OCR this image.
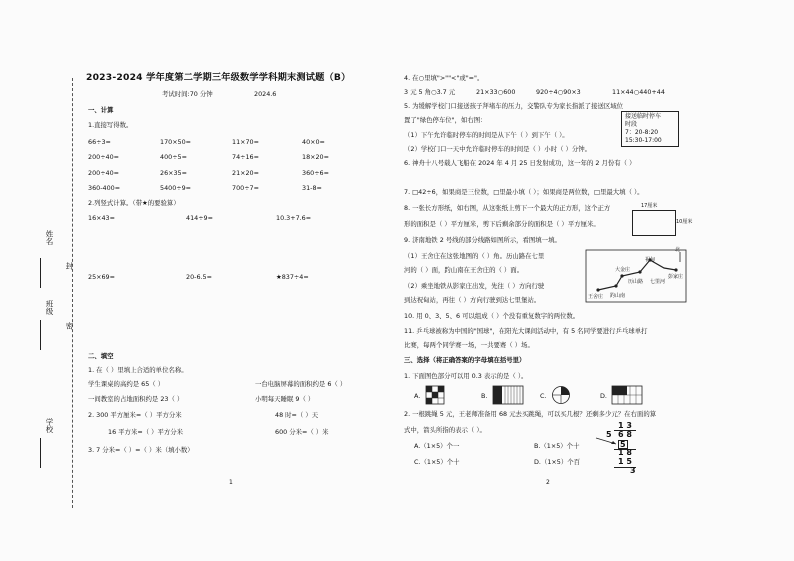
姓名
封
班级
密
学校
2023-2024 学年度第二学期三年级数学学科期末测试题（B）
考试时间:70 分钟	2024.6
一、计算
1.直接写得数。
66÷3=	170×50=	11×70=	40×0=
200÷40=	400÷5=	74÷16=	18×20=
200÷40=	26×35=	21×20=	360÷6=
360-400=	5400÷9=	700÷7=	31-8=
2.列竖式计算。（带★的要验算）
16×43=	414÷9=	10.3+7.6=
25×69=	20-6.5=	★837÷4=
二、填空
1. 在（ ）里填上合适的单位名称。
学生课桌的高约是 65（ ）	一台电脑屏幕的面积约是 6（ ）
一间教室的占地面积约是 23（ ）	小明每天睡眠 9（ ）
2. 300 平方厘米=（ ）平方分米	48 时=（ ）天
16 平方米=（ ）平方分米	600 分米=（ ）米
3. 7 分米=（ ）=（ ）米（填小数）
1
4. 在○里填">""<"或"="。
3 元 5 角○3.7 元	21×33○600	920÷4○90×3	11×44○440+44
5. 为缓解学校门口接送孩子拜堵车的压力，交警队专为家长指派了接送区域位
置了"绿色停车位"，如右图：
（1）下午允许临时停车的时间是从下午（ ）到下午（ ）。
（2）学校门口一天中允许临时停车的时间是（ ）小时（ ）分钟。
接送临时停车
时段
7：20-8:20
15:30-17:00
6. 神舟十八号载人飞船在 2024 年 4 月 25 日发射成功，这一年的 2 月份有（ ）
7. □42÷6，如果商是三位数，□里最小填（ ）；如果商是两位数，□里最大填（ ）。
8. 一张长方形纸，如右图，从这张纸上剪下一个最大的正方形，这个正方
形的面积是（ ）平方厘米，剪下后剩余部分的面积是（ ）平方厘米。
17厘米
10厘米
9. 济南地铁 2 号线的部分线路如图所示，看图填一填。
（1）王舍庄在这张地图的（ ）角。历山路在七里
河的（ ）面，趵山南在王舍庄的（ ）面。
（2）乘坐地铁从影家庄出发，先往（ ）方向行驶
到达祝甸站，再往（ ）方向行驶到达七里堡站。
北
大金庄
历山路 七里河
祝甸
彭家庄
王舍庄 趵山南
10. 用 0、3、5、6 可以组成（ ）个没有重复数字的两位数。
11. 乒乓球被称为中国的"国球"，在阳光大课间活动中，有 5 名同学要进行乒乓球单打
比赛，每两个同学赛一场，一共要赛（ ）场。
三、选择（将正确答案的字母填在括号里）
1. 下面图色部分可以用 0.3 表示的是（ ）。
A.	B.	C.	D.
2. 一根跳绳 5 元，王老师准备用 68 元去买跳绳，可以买几根？还剩多少元？在右面的算
式中，箭头所指的表示（ ）。
A.（1×5）个一	B.（1×5）个十
C.（1×5）个十	D.（1×5）个百
1 3
5 6 8
5
1 8
1 5
3
2
